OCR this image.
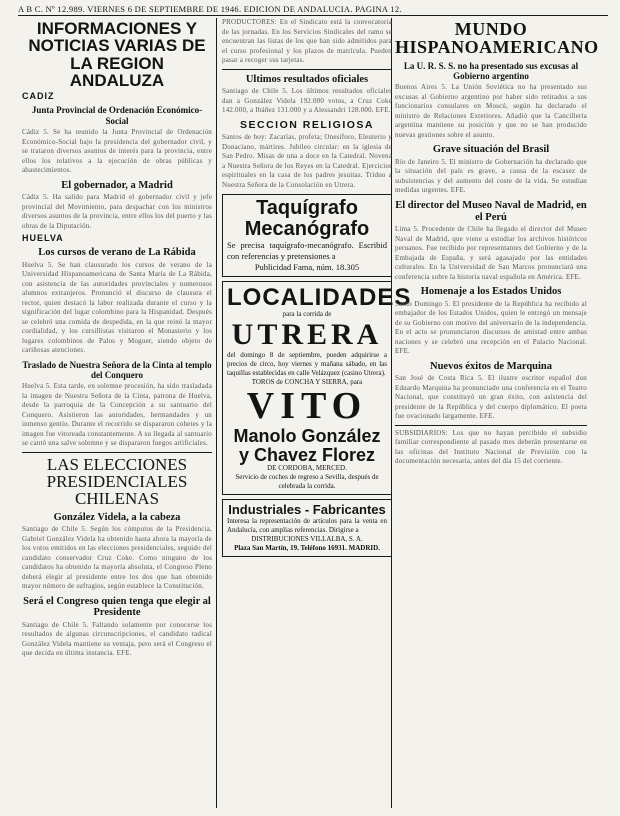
A B C. Nº 12.989. VIERNES 6 DE SEPTIEMBRE DE 1946. EDICION DE ANDALUCIA. PAGINA 12.
INFORMACIONES Y NOTICIAS VARIAS DE LA REGION ANDALUZA
CADIZ
Junta Provincial de Ordenación Económico-Social

Cádiz 5. Se ha reunido la Junta Provincial de Ordenación Económico-Social bajo la presidencia del gobernador civil, y se trataron diversos asuntos de interés para la provincia, entre ellos los relativos a la ejecución de obras públicas y abastecimientos.

El gobernador, a Madrid

Cádiz 5. Ha salido para Madrid el gobernador civil y jefe provincial del Movimiento, para despachar con los ministros diversos asuntos de la provincia, entre ellos los del puerto y las obras de la Diputación.

HUELVA
Los cursos de verano de La Rábida

Huelva 5. Se han clausurado los cursos de verano de la Universidad Hispanoamericana de Santa María de La Rábida, con asistencia de las autoridades provinciales y numerosos alumnos extranjeros. Pronunció el discurso de clausura el rector, quien destacó la labor realizada durante el curso y la significación del lugar colombino para la Hispanidad. Después se celebró una comida de despedida, en la que reinó la mayor cordialidad, y los cursillistas visitaron el Monasterio y los lugares colombinos de Palos y Moguer, siendo objeto de cariñosas atenciones.

Traslado de Nuestra Señora de la Cinta al templo del Conquero

Huelva 5. Esta tarde, en solemne procesión, ha sido trasladada la imagen de Nuestra Señora de la Cinta, patrona de Huelva, desde la parroquia de la Concepción a su santuario del Conquero. Asistieron las autoridades, hermandades y un inmenso gentío. Durante el recorrido se dispararon cohetes y la imagen fue vitoreada constantemente. A su llegada al santuario se cantó una salve solemne y se dispararon fuegos artificiales.

LAS ELECCIONES PRESIDENCIALES CHILENAS
González Videla, a la cabeza

Santiago de Chile 5. Según los cómputos de la Presidencia, Gabriel González Videla ha obtenido hasta ahora la mayoría de los votos emitidos en las elecciones presidenciales, seguido del candidato conservador Cruz Coke. Como ninguno de los candidatos ha obtenido la mayoría absoluta, el Congreso Pleno deberá elegir al presidente entre los dos que han obtenido mayor número de sufragios, según establece la Constitución.

Será el Congreso quien tenga que elegir al Presidente

Santiago de Chile 5. Faltando solamente por conocerse los resultados de algunas circunscripciones, el candidato radical González Videla mantiene su ventaja, pero será el Congreso el que decida en última instancia. EFE.

PRODUCTORES: En el Sindicato está la convocatoria de las jornadas. En los Servicios Sindicales del ramo se encuentran las listas de los que han sido admitidos para el curso profesional y los plazos de matrícula. Pueden pasar a recoger sus tarjetas.

Ultimos resultados oficiales

Santiago de Chile 5. Los últimos resultados oficiales dan a González Videla 192.000 votos, a Cruz Coke 142.000, a Ibáñez 131.000 y a Alessandri 128.000. EFE.

SECCION RELIGIOSA

Santos de hoy: Zacarías, profeta; Onesíforo, Eleuterio y Donaciano, mártires. Jubileo circular: en la iglesia de San Pedro. Misas de una a doce en la Catedral. Novena a Nuestra Señora de los Reyes en la Catedral. Ejercicios espirituales en la casa de los padres jesuitas. Triduo a Nuestra Señora de la Consolación en Utrera.

Taquígrafo
Mecanógrafo
Se precisa taquígrafo-mecanógrafo. Escribid con referencias y pretensiones a
Publicidad Fama, núm. 18.305
LOCALIDADES
para la corrida de
UTRERA
del domingo 8 de septiembre, pueden adquirirse a precios de circo, hoy viernes y mañana sábado, en las taquillas establecidas en calle Velázquez (casino Utrera).
TOROS de CONCHA Y SIERRA, para
VITO
Manolo González
y Chavez Florez
DE CORDOBA, MERCED.
Servicio de coches de regreso a Sevilla, después de celebrada la corrida.
Industriales - Fabricantes
Interesa la representación de artículos para la venta en Andalucía, con amplias referencias. Dirigirse a
DISTRIBUCIONES VILLALBA, S. A.
Plaza San Martín, 19. Teléfono 16931. MADRID.
MUNDO HISPANOAMERICANO
La U. R. S. S. no ha presentado sus excusas al Gobierno argentino

Buenos Aires 5. La Unión Soviética no ha presentado sus excusas al Gobierno argentino por haber sido retirados a sus funcionarios consulares en Moscú, según ha declarado el ministro de Relaciones Exteriores. Añadió que la Cancillería argentina mantiene su posición y que no se han producido nuevas gestiones sobre el asunto.

Grave situación del Brasil

Río de Janeiro 5. El ministro de Gobernación ha declarado que la situación del país es grave, a causa de la escasez de subsistencias y del aumento del coste de la vida. Se estudian medidas urgentes. EFE.

El director del Museo Naval de Madrid, en el Perú

Lima 5. Procedente de Chile ha llegado el director del Museo Naval de Madrid, que viene a estudiar los archivos históricos peruanos. Fue recibido por representantes del Gobierno y de la Embajada de España, y será agasajado por las entidades culturales. En la Universidad de San Marcos pronunciará una conferencia sobre la historia naval española en América. EFE.

Homenaje a los Estados Unidos

Santo Domingo 5. El presidente de la República ha recibido al embajador de los Estados Unidos, quien le entregó un mensaje de su Gobierno con motivo del aniversario de la independencia. En el acto se pronunciaron discursos de amistad entre ambas naciones y se celebró una recepción en el Palacio Nacional. EFE.

Nuevos éxitos de Marquina

San José de Costa Rica 5. El ilustre escritor español don Eduardo Marquina ha pronunciado una conferencia en el Teatro Nacional, que constituyó un gran éxito, con asistencia del presidente de la República y del cuerpo diplomático. El poeta fue ovacionado largamente. EFE.

SUBSIDIARIOS: Los que no hayan percibido el subsidio familiar correspondiente al pasado mes deberán presentarse en las oficinas del Instituto Nacional de Previsión con la documentación necesaria, antes del día 15 del corriente.
